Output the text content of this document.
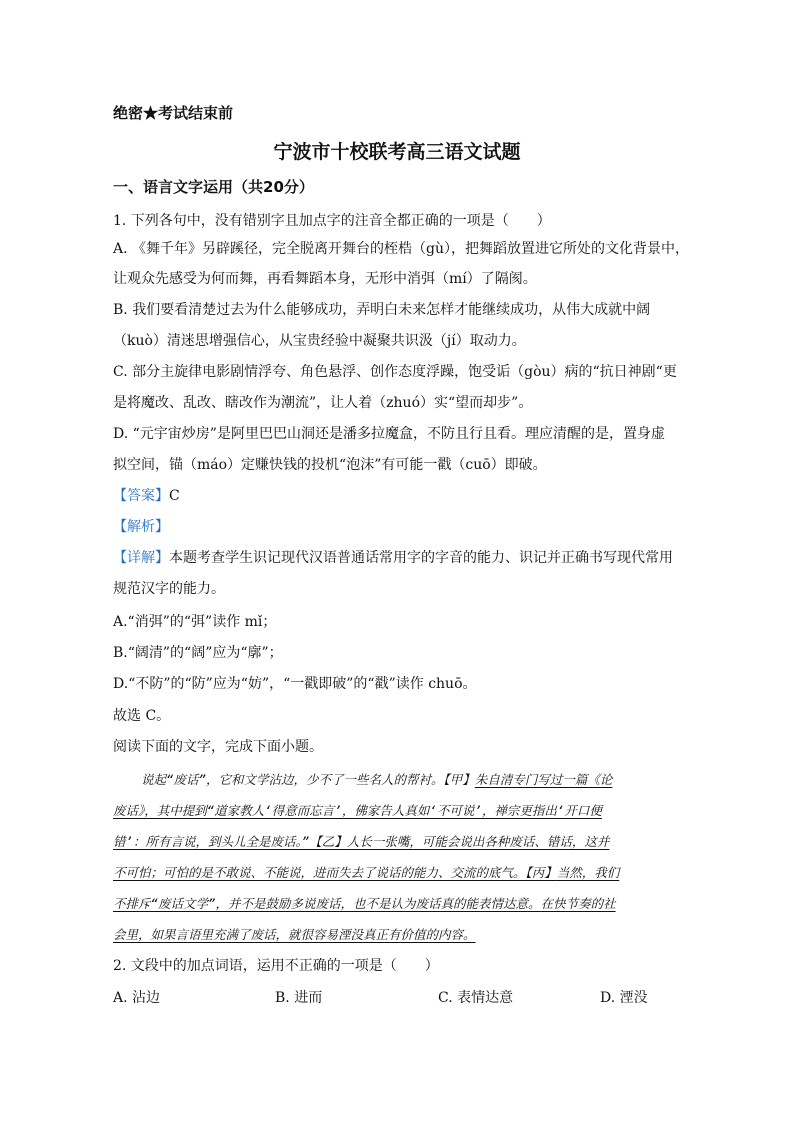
绝密★考试结束前
宁波市十校联考高三语文试题
一、语言文字运用（共20分）
1. 下列各句中，没有错别字且加点字的注音全都正确的一项是（　　）
A. 《舞千年》另辟蹊径，完全脱离开舞台的桎梏（gù），把舞蹈放置进它所处的文化背景中，
让观众先感受为何而舞，再看舞蹈本身，无形中消弭（mí）了隔阂。
B. 我们要看清楚过去为什么能够成功，弄明白未来怎样才能继续成功，从伟大成就中阔
（kuò）清迷思增强信心，从宝贵经验中凝聚共识汲（jí）取动力。
C. 部分主旋律电影剧情浮夸、角色悬浮、创作态度浮躁，饱受诟（gòu）病的“抗日神剧“更
是将魔改、乱改、瞎改作为潮流”，让人着（zhuó）实“望而却步”。
D. “元宇宙炒房”是阿里巴巴山洞还是潘多拉魔盒，不防且行且看。理应清醒的是，置身虚
拟空间，锚（máo）定赚快钱的投机“泡沫”有可能一戳（cuō）即破。
【答案】C
【解析】
【详解】本题考查学生识记现代汉语普通话常用字的字音的能力、识记并正确书写现代常用
规范汉字的能力。
A.“消弭”的“弭”读作 mǐ；
B.“阔清”的“阔”应为“廓”；
D.“不防”的“防”应为“妨”，“一戳即破”的“戳”读作 chuō。
故选 C。
阅读下面的文字，完成下面小题。
说起“废话”，它和文学沾边，少不了一些名人的帮衬。【甲】朱自清专门写过一篇《论
废话》，其中提到“道家教人‘得意而忘言’，佛家告人真如‘不可说’，禅宗更指出‘开口便
错’：所有言说，到头儿全是废话。”【乙】人长一张嘴，可能会说出各种废话、错话，这并
不可怕；可怕的是不敢说、不能说，进而失去了说话的能力、交流的底气。【丙】当然，我们
不排斥“废话文学”，并不是鼓励多说废话，也不是认为废话真的能表情达意。在快节奏的社
会里，如果言语里充满了废话，就很容易湮没真正有价值的内容。
2. 文段中的加点词语，运用不正确的一项是（　　）
A. 沾边	B. 进而	C. 表情达意	D. 湮没
